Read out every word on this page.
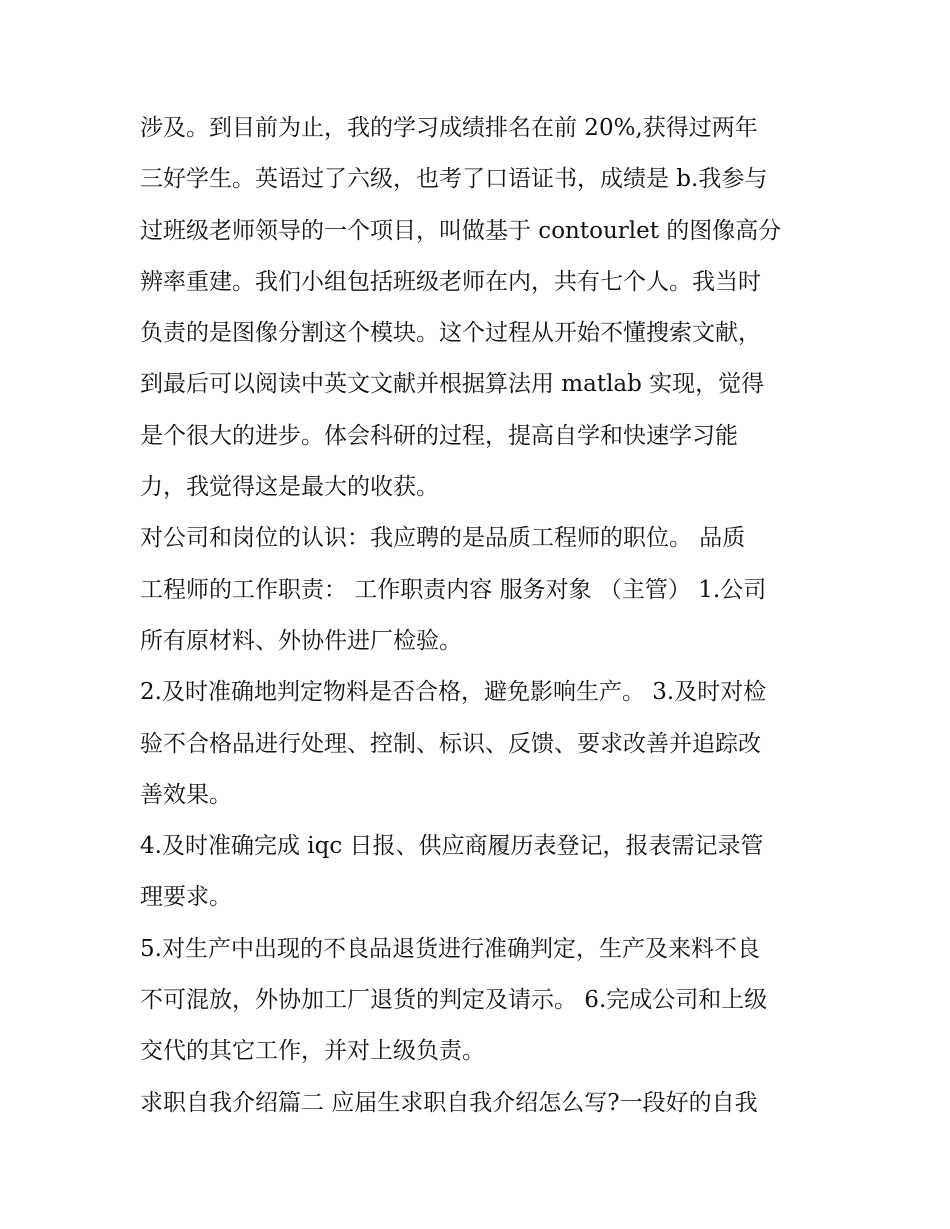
涉及。到目前为止，我的学习成绩排名在前 20%,获得过两年
三好学生。英语过了六级，也考了口语证书，成绩是 b.我参与
过班级老师领导的一个项目，叫做基于 contourlet 的图像高分
辨率重建。我们小组包括班级老师在内，共有七个人。我当时
负责的是图像分割这个模块。这个过程从开始不懂搜索文献，
到最后可以阅读中英文文献并根据算法用 matlab 实现，觉得
是个很大的进步。体会科研的过程，提高自学和快速学习能
力，我觉得这是最大的收获。
对公司和岗位的认识：我应聘的是品质工程师的职位。 品质
工程师的工作职责： 工作职责内容 服务对象 （主管） 1.公司
所有原材料、外协件进厂检验。
2.及时准确地判定物料是否合格，避免影响生产。 3.及时对检
验不合格品进行处理、控制、标识、反馈、要求改善并追踪改
善效果。
4.及时准确完成 iqc 日报、供应商履历表登记，报表需记录管
理要求。
5.对生产中出现的不良品退货进行准确判定，生产及来料不良
不可混放，外协加工厂退货的判定及请示。 6.完成公司和上级
交代的其它工作，并对上级负责。
求职自我介绍篇二 应届生求职自我介绍怎么写?一段好的自我
